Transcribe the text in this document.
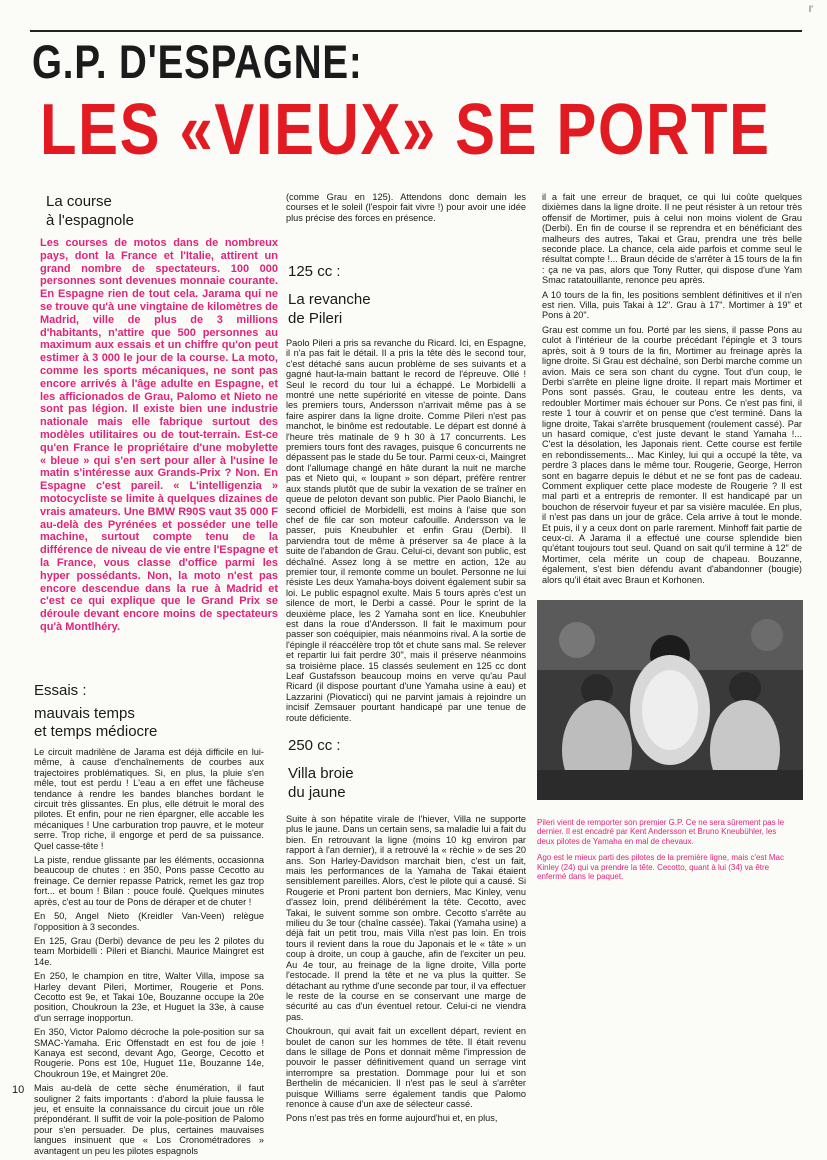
I'
G.P. D'ESPAGNE:
LES «VIEUX» SE PORTE
La course
à l'espagnole
Les courses de motos dans de nombreux pays, dont la France et l'Italie, attirent un grand nombre de spectateurs. 100 000 personnes sont devenues monnaie courante. En Espagne rien de tout cela. Jarama qui ne se trouve qu'à une vingtaine de kilomètres de Madrid, ville de plus de 3 millions d'habitants, n'attire que 500 personnes au maximum aux essais et un chiffre qu'on peut estimer à 3 000 le jour de la course. La moto, comme les sports mécaniques, ne sont pas encore arrivés à l'âge adulte en Espagne, et les afficionados de Grau, Palomo et Nieto ne sont pas légion. Il existe bien une industrie nationale mais elle fabrique surtout des modèles utilitaires ou de tout-terrain. Est-ce qu'en France le propriétaire d'une mobylette « bleue » qui s'en sert pour aller à l'usine le matin s'intéresse aux Grands-Prix ? Non. En Espagne c'est pareil. « L'intelligenzia » motocycliste se limite à quelques dizaines de vrais amateurs. Une BMW R90S vaut 35 000 F au-delà des Pyrénées et posséder une telle machine, surtout compte tenu de la différence de niveau de vie entre l'Espagne et la France, vous classe d'office parmi les hyper possédants. Non, la moto n'est pas encore descendue dans la rue à Madrid et c'est ce qui explique que le Grand Prix se déroule devant encore moins de spectateurs qu'à Montlhéry.
Essais :
mauvais temps
et temps médiocre

Le circuit madrilène de Jarama est déjà difficile en lui-même, à cause d'enchaînements de courbes aux trajectoires problématiques. Si, en plus, la pluie s'en mêle, tout est perdu ! L'eau a en effet une fâcheuse tendance à rendre les bandes blanches bordant le circuit très glissantes. En plus, elle détruit le moral des pilotes. Et enfin, pour ne rien épargner, elle accable les mécaniques ! Une carburation trop pauvre, et le moteur serre. Trop riche, il engorge et perd de sa puissance. Quel casse-tête !

La piste, rendue glissante par les éléments, occasionna beaucoup de chutes : en 350, Pons passe Cecotto au freinage. Ce dernier repasse Patrick, remet les gaz trop fort... et boum ! Bilan : pouce foulé. Quelques minutes après, c'est au tour de Pons de déraper et de chuter !

En 50, Angel Nieto (Kreidler Van-Veen) relègue l'opposition à 3 secondes.

En 125, Grau (Derbi) devance de peu les 2 pilotes du team Morbidelli : Pileri et Bianchi. Maurice Maingret est 14e.

En 250, le champion en titre, Walter Villa, impose sa Harley devant Pileri, Mortimer, Rougerie et Pons. Cecotto est 9e, et Takai 10e, Bouzanne occupe la 20e position, Choukroun la 23e, et Huguet la 33e, à cause d'un serrage inopportun.

En 350, Victor Palomo décroche la pole-position sur sa SMAC-Yamaha. Eric Offenstadt en est fou de joie ! Kanaya est second, devant Ago, George, Cecotto et Rougerie. Pons est 10e, Huguet 11e, Bouzanne 14e, Choukroun 19e, et Maingret 20e.

Mais au-delà de cette sèche énumération, il faut souligner 2 faits importants : d'abord la pluie faussa le jeu, et ensuite la connaissance du circuit joue un rôle prépondérant. Il suffit de voir la pole-position de Palomo pour s'en persuader. De plus, certaines mauvaises langues insinuent que « Los Cronométradores » avantagent un peu les pilotes espagnols

(comme Grau en 125). Attendons donc demain les courses et le soleil (l'espoir fait vivre !) pour avoir une idée plus précise des forces en présence.
125 cc :
La revanche
de Pileri

Paolo Pileri a pris sa revanche du Ricard. Ici, en Espagne, il n'a pas fait le détail. Il a pris la tête dès le second tour, c'est détaché sans aucun problème de ses suivants et a gagné haut-la-main battant le record de l'épreuve. Ollé ! Seul le record du tour lui a échappé. Le Morbidelli a montré une nette supériorité en vitesse de pointe. Dans les premiers tours, Andersson n'arrivait même pas à se faire aspirer dans la ligne droite. Comme Pileri n'est pas manchot, le binôme est redoutable. Le départ est donné à l'heure très matinale de 9 h 30 à 17 concurrents. Les premiers tours font des ravages, puisque 6 concurrents ne dépassent pas le stade du 5e tour. Parmi ceux-ci, Maingret dont l'allumage changé en hâte durant la nuit ne marche pas et Nieto qui, « loupant » son départ, préfère rentrer aux stands plutôt que de subir la vexation de se traîner en queue de peloton devant son public. Pier Paolo Bianchi, le second officiel de Morbidelli, est moins à l'aise que son chef de file car son moteur cafouille. Andersson va le passer, puis Kneubuhler et enfin Grau (Derbi). Il parviendra tout de même à préserver sa 4e place à la suite de l'abandon de Grau. Celui-ci, devant son public, est déchaîné. Assez long à se mettre en action, 12e au premier tour, il remonte comme un boulet. Personne ne lui résiste Les deux Yamaha-boys doivent également subir sa loi. Le public espagnol exulte. Mais 5 tours après c'est un silence de mort, le Derbi a cassé. Pour le sprint de la deuxième place, les 2 Yamaha sont en lice. Kneubuhler est dans la roue d'Andersson. Il fait le maximum pour passer son coéquipier, mais néanmoins rival. A la sortie de l'épingle il réaccélère trop tôt et chute sans mal. Se relever et repartir lui fait perdre 30", mais il préserve néanmoins sa troisième place. 15 classés seulement en 125 cc dont Leaf Gustafsson beaucoup moins en verve qu'au Paul Ricard (il dispose pourtant d'une Yamaha usine à eau) et Lazzarini (Piovaticci) qui ne parvint jamais à rejoindre un incisif Zemsauer pourtant handicapé par une tenue de route déficiente.

250 cc :
Villa broie
du jaune

Suite à son hépatite virale de l'hiever, Villa ne supporte plus le jaune. Dans un certain sens, sa maladie lui a fait du bien. En retrouvant la ligne (moins 10 kg environ par rapport à l'an dernier), il a retrouvé la « rèchie » de ses 20 ans. Son Harley-Davidson marchait bien, c'est un fait, mais les performances de la Yamaha de Takai étaient sensiblement pareilles. Alors, c'est le pilote qui a causé. Si Rougerie et Proni partent bon derniers, Mac Kinley, venu d'assez loin, prend délibérément la tête. Cecotto, avec Takai, le suivent somme son ombre. Cecotto s'arrête au milieu du 3e tour (chaîne cassée). Takai (Yamaha usine) a déjà fait un petit trou, mais Villa n'est pas loin. En trois tours il revient dans la roue du Japonais et le « tâte » un coup à droite, un coup à gauche, afin de l'exciter un peu. Au 4e tour, au freinage de la ligne droite, Villa porte l'estocade. Il prend la tête et ne va plus la quitter. Se détachant au rythme d'une seconde par tour, il va effectuer le reste de la course en se conservant une marge de sécurité au cas d'un éventuel retour. Celui-ci ne viendra pas.

Choukroun, qui avait fait un excellent départ, revient en boulet de canon sur les hommes de tête. Il était revenu dans le sillage de Pons et donnait même l'impression de pouvoir le passer définitivement quand un serrage vint interrompre sa prestation. Dommage pour lui et son Berthelin de mécanicien. Il n'est pas le seul à s'arrêter puisque Williams serre également tandis que Palomo renonce à cause d'un axe de sélecteur cassé.

Pons n'est pas très en forme aujourd'hui et, en plus,

il a fait une erreur de braquet, ce qui lui coûte quelques dixièmes dans la ligne droite. Il ne peut résister à un retour très offensif de Mortimer, puis à celui non moins violent de Grau (Derbi). En fin de course il se reprendra et en bénéficiant des malheurs des autres, Takai et Grau, prendra une très belle seconde place. La chance, cela aide parfois et comme seul le résultat compte !... Braun décide de s'arrêter à 15 tours de la fin : ça ne va pas, alors que Tony Rutter, qui dispose d'une Yam Smac ratatouillante, renonce peu après.

A 10 tours de la fin, les positions semblent définitives et il n'en est rien. Villa, puis Takai à 12". Grau à 17". Mortimer à 19" et Pons à 20".

Grau est comme un fou. Porté par les siens, il passe Pons au culot à l'intérieur de la courbe précédant l'épingle et 3 tours après, soit à 9 tours de la fin, Mortimer au freinage après la ligne droite. Si Grau est déchaîné, son Derbi marche comme un avion. Mais ce sera son chant du cygne. Tout d'un coup, le Derbi s'arrête en pleine ligne droite. Il repart mais Mortimer et Pons sont passés. Grau, le couteau entre les dents, va redoubler Mortimer mais échouer sur Pons. Ce n'est pas fini, il reste 1 tour à couvrir et on pense que c'est terminé. Dans la ligne droite, Takai s'arrête brusquement (roulement cassé). Par un hasard comique, c'est juste devant le stand Yamaha !... C'est la désolation, les Japonais rient. Cette course est fertile en rebondissements... Mac Kinley, lui qui a occupé la tête, va perdre 3 places dans le même tour. Rougerie, George, Herron sont en bagarre depuis le début et ne se font pas de cadeau. Comment expliquer cette place modeste de Rougerie ? Il est mal parti et a entrepris de remonter. Il est handicapé par un bouchon de réservoir fuyeur et par sa visière maculée. En plus, il n'est pas dans un jour de grâce. Cela arrive à tout le monde. Et puis, il y a ceux dont on parle rarement. Minhoff fait partie de ceux-ci. A Jarama il a effectué une course splendide bien qu'étant toujours tout seul. Quand on sait qu'il termine à 12" de Mortimer, cela mérite un coup de chapeau. Bouzanne, également, s'est bien défendu avant d'abandonner (bougie) alors qu'il était avec Braun et Korhonen.

Pileri vient de remporter son premier G.P. Ce ne sera sûrement pas le dernier. Il est encadré par Kent Andersson et Bruno Kneubühler, les deux pilotes de Yamaha en mal de chevaux.

Ago est le mieux parti des pilotes de la première ligne, mais c'est Mac Kinley (24) qui va prendre la tête. Cecotto, quant à lui (34) va être enfermé dans le paquet.

10
